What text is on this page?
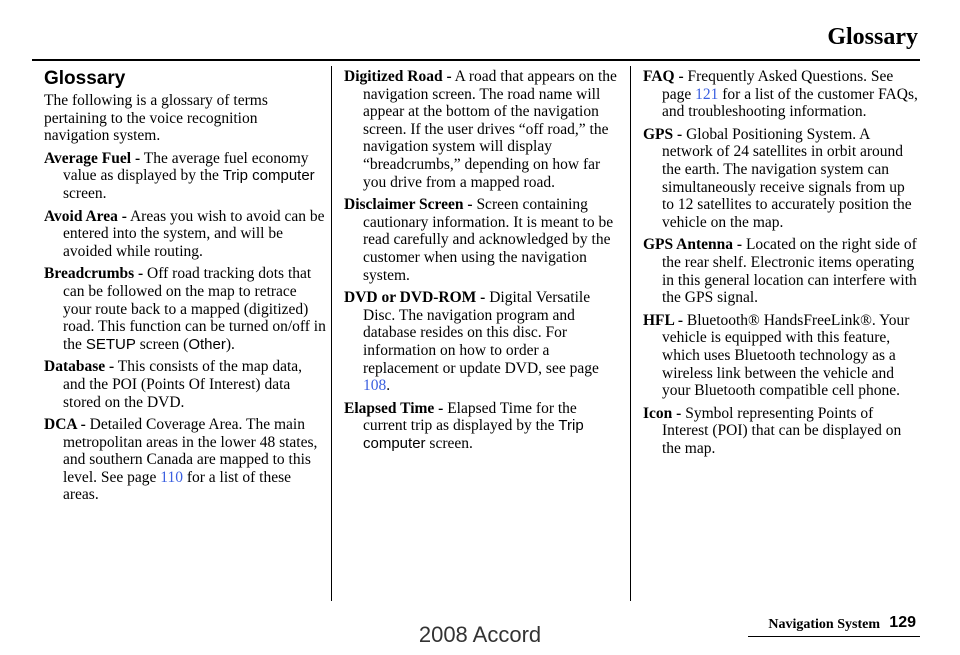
Glossary
Glossary

The following is a glossary of terms pertaining to the voice recognition navigation system.

Average Fuel - The average fuel economy value as displayed by the Trip computer screen.

Avoid Area - Areas you wish to avoid can be entered into the system, and will be avoided while routing.

Breadcrumbs - Off road tracking dots that can be followed on the map to retrace your route back to a mapped (digitized) road. This function can be turned on/off in the SETUP screen (Other).

Database - This consists of the map data, and the POI (Points Of Interest) data stored on the DVD.

DCA - Detailed Coverage Area. The main metropolitan areas in the lower 48 states, and southern Canada are mapped to this level. See page 110 for a list of these areas.

Digitized Road - A road that appears on the navigation screen. The road name will appear at the bottom of the navigation screen. If the user drives “off road,” the navigation system will display “breadcrumbs,” depending on how far you drive from a mapped road.

Disclaimer Screen - Screen containing cautionary information. It is meant to be read carefully and acknowledged by the customer when using the navigation system.

DVD or DVD-ROM - Digital Versatile Disc. The navigation program and database resides on this disc. For information on how to order a replacement or update DVD, see page 108.

Elapsed Time - Elapsed Time for the current trip as displayed by the Trip computer screen.

FAQ - Frequently Asked Questions. See page 121 for a list of the customer FAQs, and troubleshooting information.

GPS - Global Positioning System. A network of 24 satellites in orbit around the earth. The navigation system can simultaneously receive signals from up to 12 satellites to accurately position the vehicle on the map.

GPS Antenna - Located on the right side of the rear shelf. Electronic items operating in this general location can interfere with the GPS signal.

HFL - Bluetooth® HandsFreeLink®. Your vehicle is equipped with this feature, which uses Bluetooth technology as a wireless link between the vehicle and your Bluetooth compatible cell phone.

Icon - Symbol representing Points of Interest (POI) that can be displayed on the map.

Navigation System 129
2008 Accord
